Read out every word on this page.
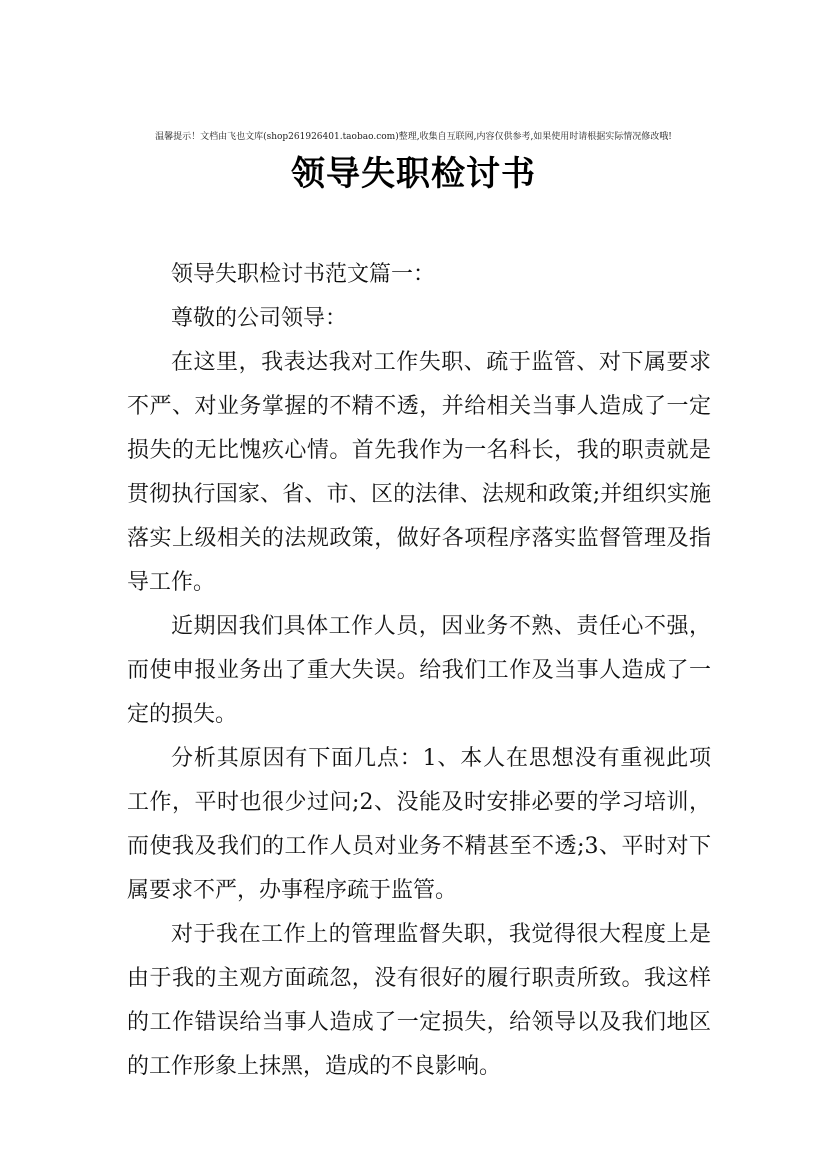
温馨提示！文档由飞也文库(shop261926401.taobao.com)整理,收集自互联网,内容仅供参考,如果使用时请根据实际情况修改哦!
领导失职检讨书

领导失职检讨书范文篇一：

尊敬的公司领导：

在这里，我表达我对工作失职、疏于监管、对下属要求不严、对业务掌握的不精不透，并给相关当事人造成了一定损失的无比愧疚心情。首先我作为一名科长，我的职责就是贯彻执行国家、省、市、区的法律、法规和政策;并组织实施落实上级相关的法规政策，做好各项程序落实监督管理及指导工作。

近期因我们具体工作人员，因业务不熟、责任心不强，而使申报业务出了重大失误。给我们工作及当事人造成了一定的损失。

分析其原因有下面几点：1、本人在思想没有重视此项工作，平时也很少过问;2、没能及时安排必要的学习培训，而使我及我们的工作人员对业务不精甚至不透;3、平时对下属要求不严，办事程序疏于监管。

对于我在工作上的管理监督失职，我觉得很大程度上是由于我的主观方面疏忽，没有很好的履行职责所致。我这样的工作错误给当事人造成了一定损失，给领导以及我们地区的工作形象上抹黑，造成的不良影响。
